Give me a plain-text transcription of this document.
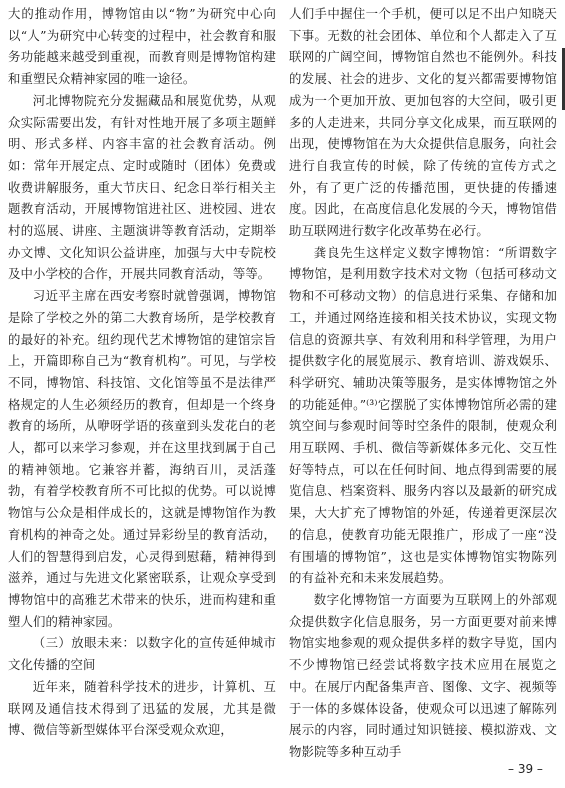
大的推动作用，博物馆由以“物”为研究中心向以“人”为研究中心转变的过程中，社会教育和服务功能越来越受到重视，而教育则是博物馆构建和重塑民众精神家园的唯一途径。

河北博物院充分发掘藏品和展览优势，从观众实际需要出发，有针对性地开展了多项主题鲜明、形式多样、内容丰富的社会教育活动。例如：常年开展定点、定时或随时（团体）免费或收费讲解服务，重大节庆日、纪念日举行相关主题教育活动，开展博物馆进社区、进校园、进农村的巡展、讲座、主题演讲等教育活动，定期举办文博、文化知识公益讲座，加强与大中专院校及中小学校的合作，开展共同教育活动，等等。

习近平主席在西安考察时就曾强调，博物馆是除了学校之外的第二大教育场所，是学校教育的最好的补充。纽约现代艺术博物馆的建馆宗旨上，开篇即称自己为“教育机构”。可见，与学校不同，博物馆、科技馆、文化馆等虽不是法律严格规定的人生必须经历的教育，但却是一个终身教育的场所，从咿呀学语的孩童到头发花白的老人，都可以来学习参观，并在这里找到属于自己的精神领地。它兼容并蓄，海纳百川，灵活蓬勃，有着学校教育所不可比拟的优势。可以说博物馆与公众是相伴成长的，这就是博物馆作为教育机构的神奇之处。通过异彩纷呈的教育活动，人们的智慧得到启发，心灵得到慰藉，精神得到滋养，通过与先进文化紧密联系，让观众享受到博物馆中的高雅艺术带来的快乐，进而构建和重塑人们的精神家园。

（三）放眼未来：以数字化的宣传延伸城市文化传播的空间

近年来，随着科学技术的进步，计算机、互联网及通信技术得到了迅猛的发展，尤其是微博、微信等新型媒体平台深受观众欢迎，

人们手中握住一个手机，便可以足不出户知晓天下事。无数的社会团体、单位和个人都走入了互联网的广阔空间，博物馆自然也不能例外。科技的发展、社会的进步、文化的复兴都需要博物馆成为一个更加开放、更加包容的大空间，吸引更多的人走进来，共同分享文化成果，而互联网的出现，使博物馆在为大众提供信息服务，向社会进行自我宣传的时候，除了传统的宣传方式之外，有了更广泛的传播范围，更快捷的传播速度。因此，在高度信息化发展的今天，博物馆借助互联网进行数字化改革势在必行。

龚良先生这样定义数字博物馆：“所谓数字博物馆，是利用数字技术对文物（包括可移动文物和不可移动文物）的信息进行采集、存储和加工，并通过网络连接和相关技术协议，实现文物信息的资源共享、有效利用和科学管理，为用户提供数字化的展览展示、教育培训、游戏娱乐、科学研究、辅助决策等服务，是实体博物馆之外的功能延伸。”⁽³⁾它摆脱了实体博物馆所必需的建筑空间与参观时间等时空条件的限制，使观众利用互联网、手机、微信等新媒体多元化、交互性好等特点，可以在任何时间、地点得到需要的展览信息、档案资料、服务内容以及最新的研究成果，大大扩充了博物馆的外延，传递着更深层次的信息，使教育功能无限推广，形成了一座“没有围墙的博物馆”，这也是实体博物馆实物陈列的有益补充和未来发展趋势。

数字化博物馆一方面要为互联网上的外部观众提供数字化信息服务，另一方面更要对前来博物馆实地参观的观众提供多样的数字导览，国内不少博物馆已经尝试将数字技术应用在展览之中。在展厅内配备集声音、图像、文字、视频等于一体的多媒体设备，使观众可以迅速了解陈列展示的内容，同时通过知识链接、模拟游戏、文物影院等多种互动手

– 39 –
